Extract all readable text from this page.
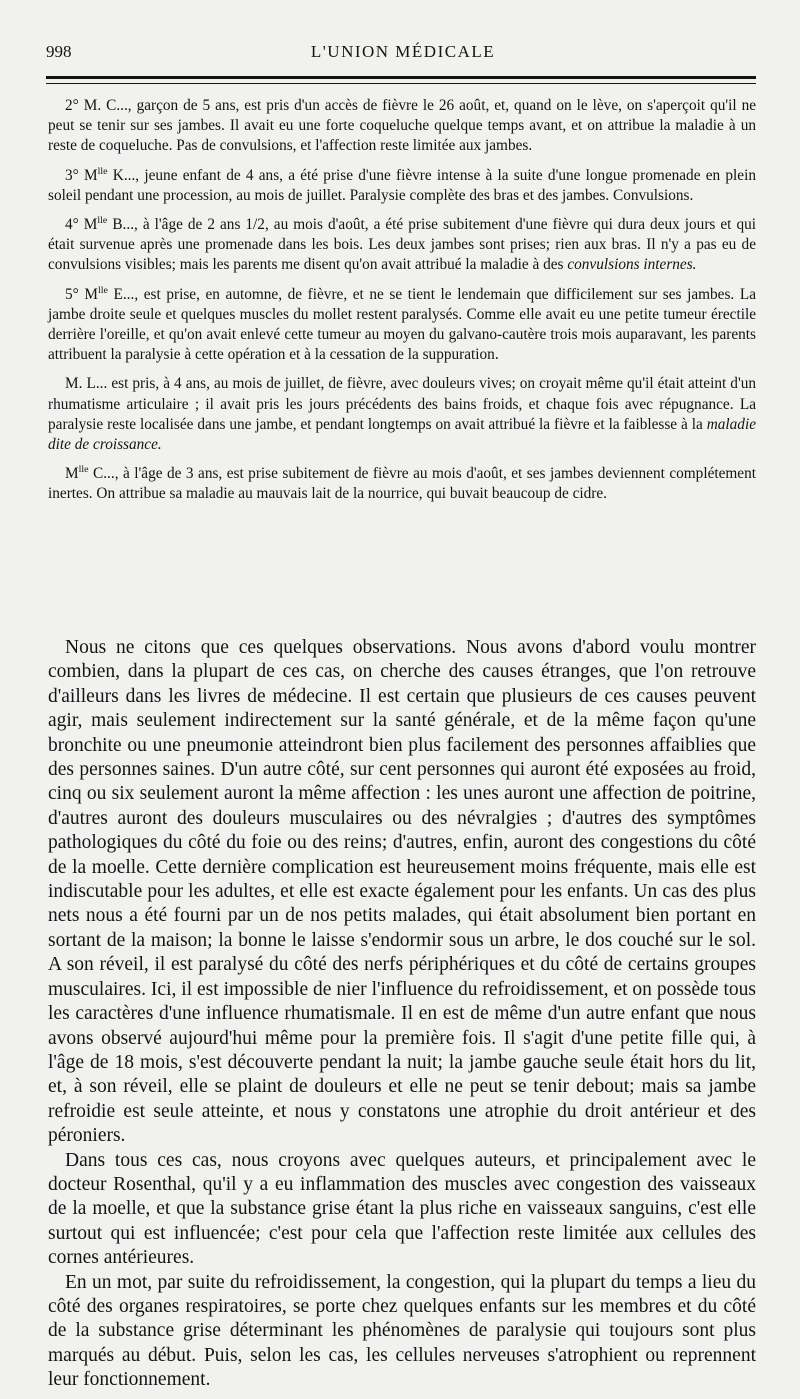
998	L'UNION MÉDICALE

2° M. C..., garçon de 5 ans, est pris d'un accès de fièvre le 26 août, et, quand on le lève, on s'aperçoit qu'il ne peut se tenir sur ses jambes. Il avait eu une forte coqueluche quelque temps avant, et on attribue la maladie à un reste de coqueluche. Pas de convulsions, et l'affection reste limitée aux jambes.

3° $M^{lle}$ K..., jeune enfant de 4 ans, a été prise d'une fièvre intense à la suite d'une longue promenade en plein soleil pendant une procession, au mois de juillet. Paralysie complète des bras et des jambes. Convulsions.

4° $M^{lle}$ B..., à l'âge de 2 ans 1/2, au mois d'août, a été prise subitement d'une fièvre qui dura deux jours et qui était survenue après une promenade dans les bois. Les deux jambes sont prises; rien aux bras. Il n'y a pas eu de convulsions visibles; mais les parents me disent qu'on avait attribué la maladie à des convulsions internes.

5° $M^{lle}$ E..., est prise, en automne, de fièvre, et ne se tient le lendemain que difficilement sur ses jambes. La jambe droite seule et quelques muscles du mollet restent paralysés. Comme elle avait eu une petite tumeur érectile derrière l'oreille, et qu'on avait enlevé cette tumeur au moyen du galvano-cautère trois mois auparavant, les parents attribuent la paralysie à cette opération et à la cessation de la suppuration.

M. L... est pris, à 4 ans, au mois de juillet, de fièvre, avec douleurs vives; on croyait même qu'il était atteint d'un rhumatisme articulaire ; il avait pris les jours précédents des bains froids, et chaque fois avec répugnance. La paralysie reste localisée dans une jambe, et pendant longtemps on avait attribué la fièvre et la faiblesse à la maladie dite de croissance.

$M^{lle}$ C..., à l'âge de 3 ans, est prise subitement de fièvre au mois d'août, et ses jambes deviennent complétement inertes. On attribue sa maladie au mauvais lait de la nourrice, qui buvait beaucoup de cidre.

Nous ne citons que ces quelques observations. Nous avons d'abord voulu montrer combien, dans la plupart de ces cas, on cherche des causes étranges, que l'on retrouve d'ailleurs dans les livres de médecine. Il est certain que plusieurs de ces causes peuvent agir, mais seulement indirectement sur la santé générale, et de la même façon qu'une bronchite ou une pneumonie atteindront bien plus facilement des personnes affaiblies que des personnes saines. D'un autre côté, sur cent personnes qui auront été exposées au froid, cinq ou six seulement auront la même affection : les unes auront une affection de poitrine, d'autres auront des douleurs musculaires ou des névralgies ; d'autres des symptômes pathologiques du côté du foie ou des reins; d'autres, enfin, auront des congestions du côté de la moelle. Cette dernière complication est heureusement moins fréquente, mais elle est indiscutable pour les adultes, et elle est exacte également pour les enfants. Un cas des plus nets nous a été fourni par un de nos petits malades, qui était absolument bien portant en sortant de la maison; la bonne le laisse s'endormir sous un arbre, le dos couché sur le sol. A son réveil, il est paralysé du côté des nerfs périphériques et du côté de certains groupes musculaires. Ici, il est impossible de nier l'influence du refroidissement, et on possède tous les caractères d'une influence rhumatismale. Il en est de même d'un autre enfant que nous avons observé aujourd'hui même pour la première fois. Il s'agit d'une petite fille qui, à l'âge de 18 mois, s'est découverte pendant la nuit; la jambe gauche seule était hors du lit, et, à son réveil, elle se plaint de douleurs et elle ne peut se tenir debout; mais sa jambe refroidie est seule atteinte, et nous y constatons une atrophie du droit antérieur et des péroniers.

Dans tous ces cas, nous croyons avec quelques auteurs, et principalement avec le docteur Rosenthal, qu'il y a eu inflammation des muscles avec congestion des vaisseaux de la moelle, et que la substance grise étant la plus riche en vaisseaux sanguins, c'est elle surtout qui est influencée; c'est pour cela que l'affection reste limitée aux cellules des cornes antérieures.

En un mot, par suite du refroidissement, la congestion, qui la plupart du temps a lieu du côté des organes respiratoires, se porte chez quelques enfants sur les membres et du côté de la substance grise déterminant les phénomènes de paralysie qui toujours sont plus marqués au début. Puis, selon les cas, les cellules nerveuses s'atrophient ou reprennent leur fonctionnement.
